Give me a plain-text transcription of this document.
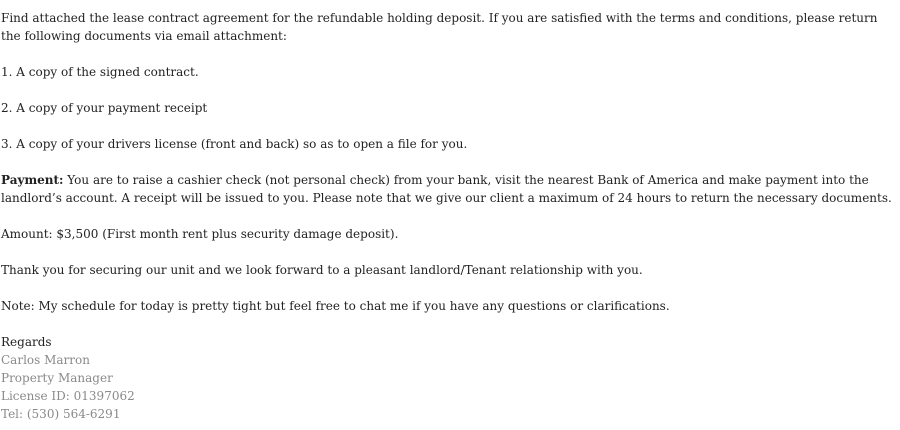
Find attached the lease contract agreement for the refundable holding deposit. If you are satisfied with the terms and conditions, please return the following documents via email attachment:

1. A copy of the signed contract.

2. A copy of your payment receipt

3. A copy of your drivers license (front and back) so as to open a file for you.

Payment: You are to raise a cashier check (not personal check) from your bank, visit the nearest Bank of America and make payment into the landlord’s account. A receipt will be issued to you. Please note that we give our client a maximum of 24 hours to return the necessary documents.

Amount: $3,500 (First month rent plus security damage deposit).

Thank you for securing our unit and we look forward to a pleasant landlord/Tenant relationship with you.

Note: My schedule for today is pretty tight but feel free to chat me if you have any questions or clarifications.

Regards
Carlos Marron
Property Manager
License ID: 01397062
Tel: (530) 564-6291
